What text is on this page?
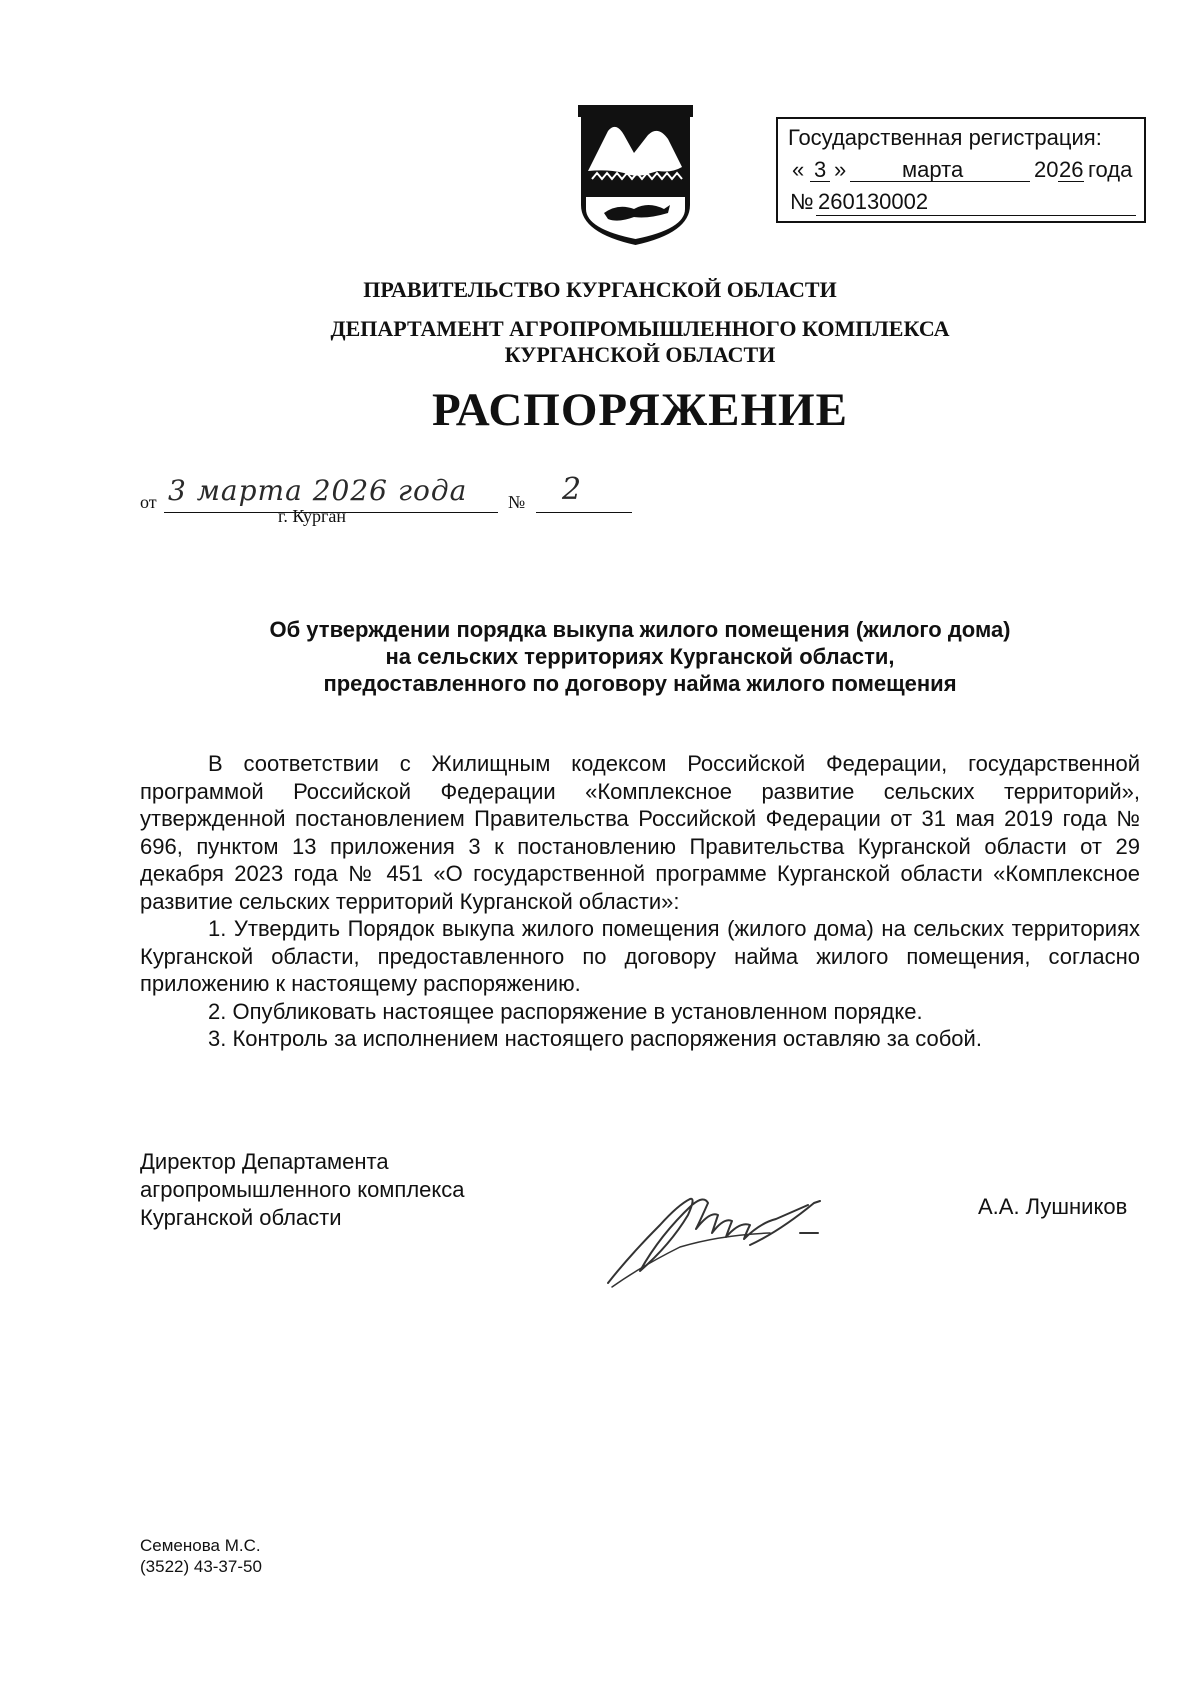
Государственная регистрация:
« 3 »	марта	20 26 года
№ 260130002
ПРАВИТЕЛЬСТВО КУРГАНСКОЙ ОБЛАСТИ
ДЕПАРТАМЕНТ АГРОПРОМЫШЛЕННОГО КОМПЛЕКСА
КУРГАНСКОЙ ОБЛАСТИ
РАСПОРЯЖЕНИЕ
от 3 марта 2026 года № 2
г. Курган
Об утверждении порядка выкупа жилого помещения (жилого дома)
на сельских территориях Курганской области,
предоставленного по договору найма жилого помещения

В соответствии с Жилищным кодексом Российской Федерации, государственной программой Российской Федерации «Комплексное развитие сельских территорий», утвержденной постановлением Правительства Российской Федерации от 31 мая 2019 года № 696, пунктом 13 приложения 3 к постановлению Правительства Курганской области от 29 декабря 2023 года № 451 «О государственной программе Курганской области «Комплексное развитие сельских территорий Курганской области»:

1. Утвердить Порядок выкупа жилого помещения (жилого дома) на сельских территориях Курганской области, предоставленного по договору найма жилого помещения, согласно приложению к настоящему распоряжению.

2. Опубликовать настоящее распоряжение в установленном порядке.

3. Контроль за исполнением настоящего распоряжения оставляю за собой.

Директор Департамента
агропромышленного комплекса
Курганской области	А.А. Лушников
Семенова М.С.
(3522) 43-37-50
